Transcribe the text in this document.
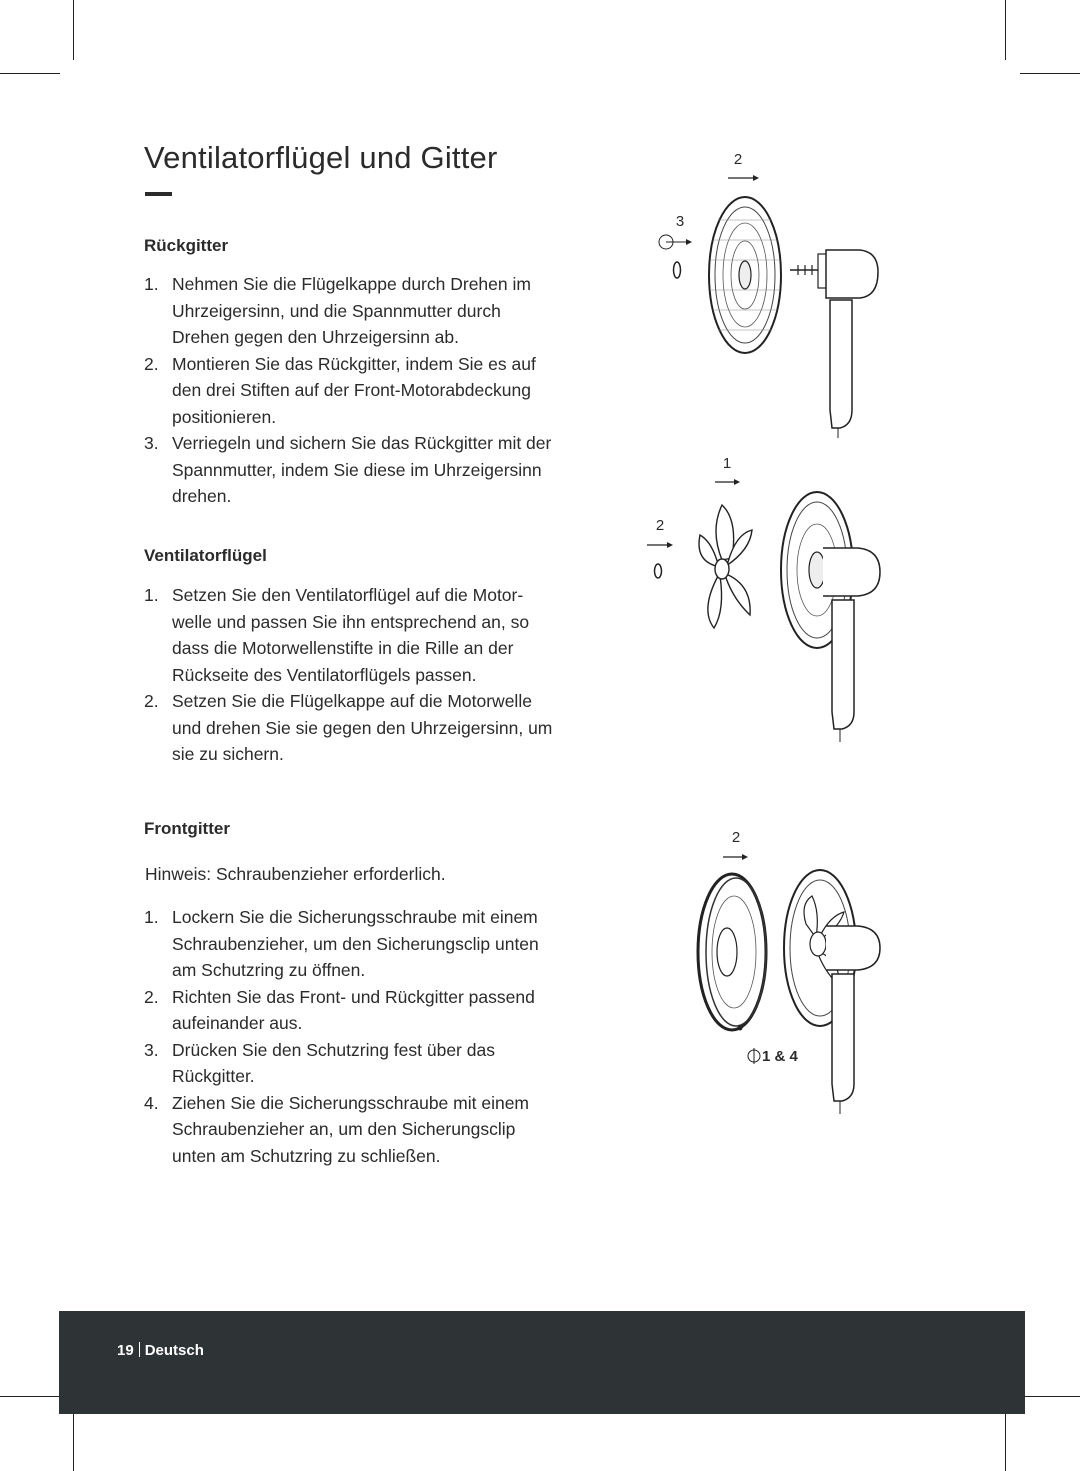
Ventilatorflügel und Gitter
Rückgitter
1. Nehmen Sie die Flügelkappe durch Drehen im
Uhrzeigersinn, und die Spannmutter durch
Drehen gegen den Uhrzeigersinn ab.
2. Montieren Sie das Rückgitter, indem Sie es auf
den drei Stiften auf der Front-Motorabdeckung
positionieren.
3. Verriegeln und sichern Sie das Rückgitter mit der
Spannmutter, indem Sie diese im Uhrzeigersinn
drehen.
Ventilatorflügel
1. Setzen Sie den Ventilatorflügel auf die Motor-
welle und passen Sie ihn entsprechend an, so
dass die Motorwellenstifte in die Rille an der
Rückseite des Ventilatorflügels passen.
2. Setzen Sie die Flügelkappe auf die Motorwelle
und drehen Sie sie gegen den Uhrzeigersinn, um
sie zu sichern.
Frontgitter

Hinweis: Schraubenzieher erforderlich.

1. Lockern Sie die Sicherungsschraube mit einem
Schraubenzieher, um den Sicherungsclip unten
am Schutzring zu öffnen.
2. Richten Sie das Front- und Rückgitter passend
aufeinander aus.
3. Drücken Sie den Schutzring fest über das
Rückgitter.
4. Ziehen Sie die Sicherungsschraube mit einem
Schraubenzieher an, um den Sicherungsclip
unten am Schutzring zu schließen.
2
3
1
2
2
1 & 4
19 Deutsch
